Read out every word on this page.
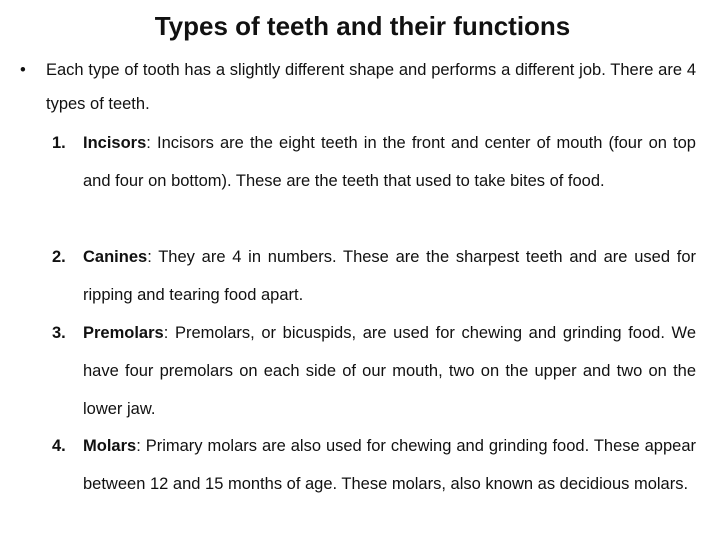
Types of teeth and their functions
• Each type of tooth has a slightly different shape and performs a different job. There are 4 types of teeth.
1. Incisors: Incisors are the eight teeth in the front and center of mouth (four on top and four on bottom). These are the teeth that used to take bites of food.
2. Canines: They are 4 in numbers. These are the sharpest teeth and are used for ripping and tearing food apart.
3. Premolars: Premolars, or bicuspids, are used for chewing and grinding food. We have four premolars on each side of our mouth, two on the upper and two on the lower jaw.
4. Molars: Primary molars are also used for chewing and grinding food. These appear between 12 and 15 months of age. These molars, also known as decidious molars.
